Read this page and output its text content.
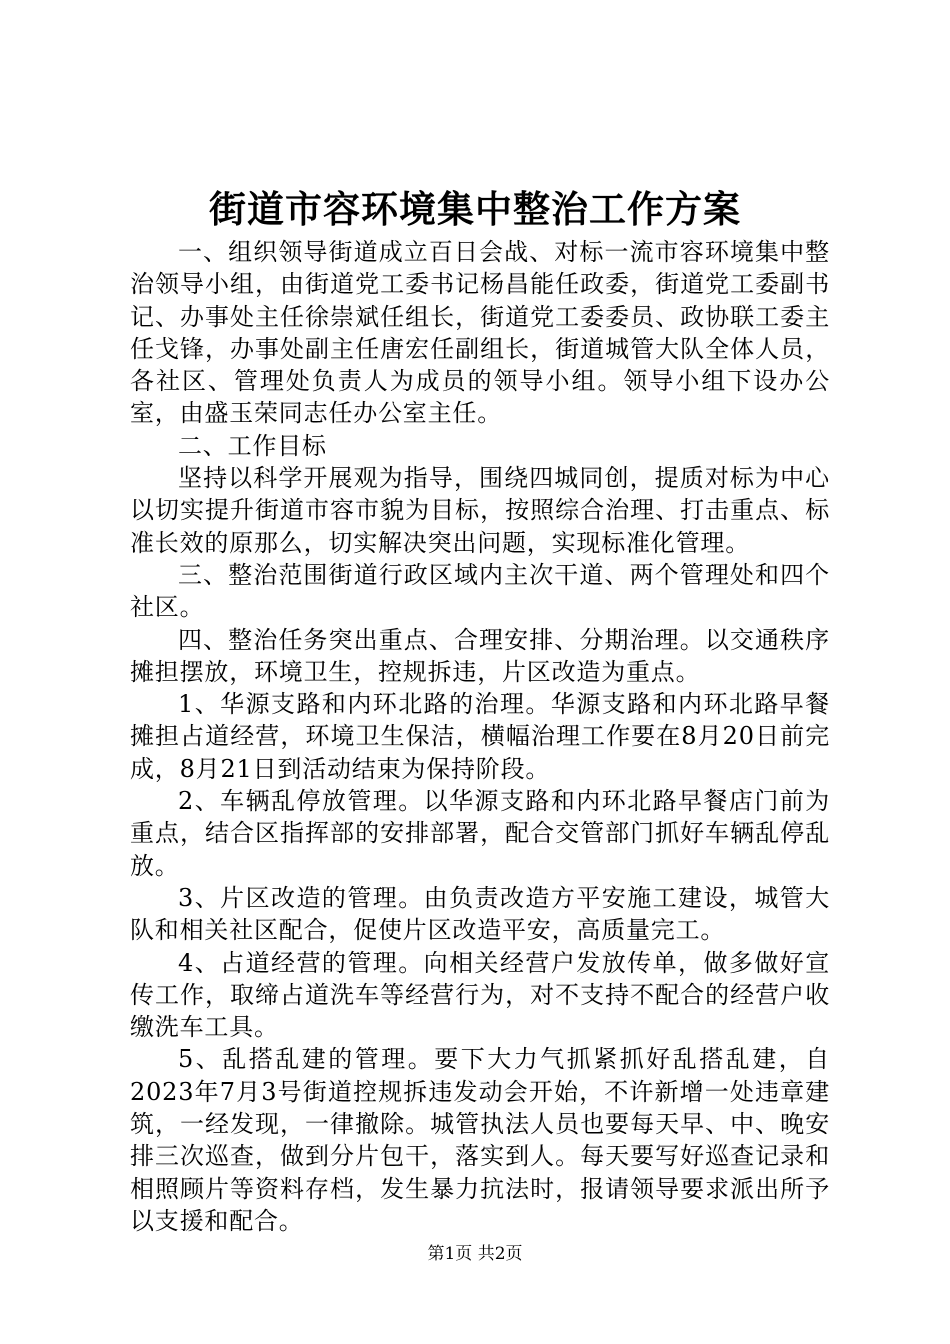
街道市容环境集中整治工作方案

一、组织领导街道成立百日会战、对标一流市容环境集中整治领导小组，由街道党工委书记杨昌能任政委，街道党工委副书记、办事处主任徐崇斌任组长，街道党工委委员、政协联工委主任戈锋，办事处副主任唐宏任副组长，街道城管大队全体人员，各社区、管理处负责人为成员的领导小组。领导小组下设办公室，由盛玉荣同志任办公室主任。

二、工作目标

坚持以科学开展观为指导，围绕四城同创，提质对标为中心以切实提升街道市容市貌为目标，按照综合治理、打击重点、标准长效的原那么，切实解决突出问题，实现标准化管理。

三、整治范围街道行政区域内主次干道、两个管理处和四个社区。

四、整治任务突出重点、合理安排、分期治理。以交通秩序摊担摆放，环境卫生，控规拆违，片区改造为重点。

1、华源支路和内环北路的治理。华源支路和内环北路早餐摊担占道经营，环境卫生保洁，横幅治理工作要在8月20日前完成，8月21日到活动结束为保持阶段。

2、车辆乱停放管理。以华源支路和内环北路早餐店门前为重点，结合区指挥部的安排部署，配合交管部门抓好车辆乱停乱放。

3、片区改造的管理。由负责改造方平安施工建设，城管大队和相关社区配合，促使片区改造平安，高质量完工。

4、占道经营的管理。向相关经营户发放传单，做多做好宣传工作，取缔占道洗车等经营行为，对不支持不配合的经营户收缴洗车工具。

5、乱搭乱建的管理。要下大力气抓紧抓好乱搭乱建，自2023年7月3号街道控规拆违发动会开始，不许新增一处违章建筑，一经发现，一律撤除。城管执法人员也要每天早、中、晚安排三次巡查，做到分片包干，落实到人。每天要写好巡查记录和相照顾片等资料存档，发生暴力抗法时，报请领导要求派出所予以支援和配合。

第1页 共2页
